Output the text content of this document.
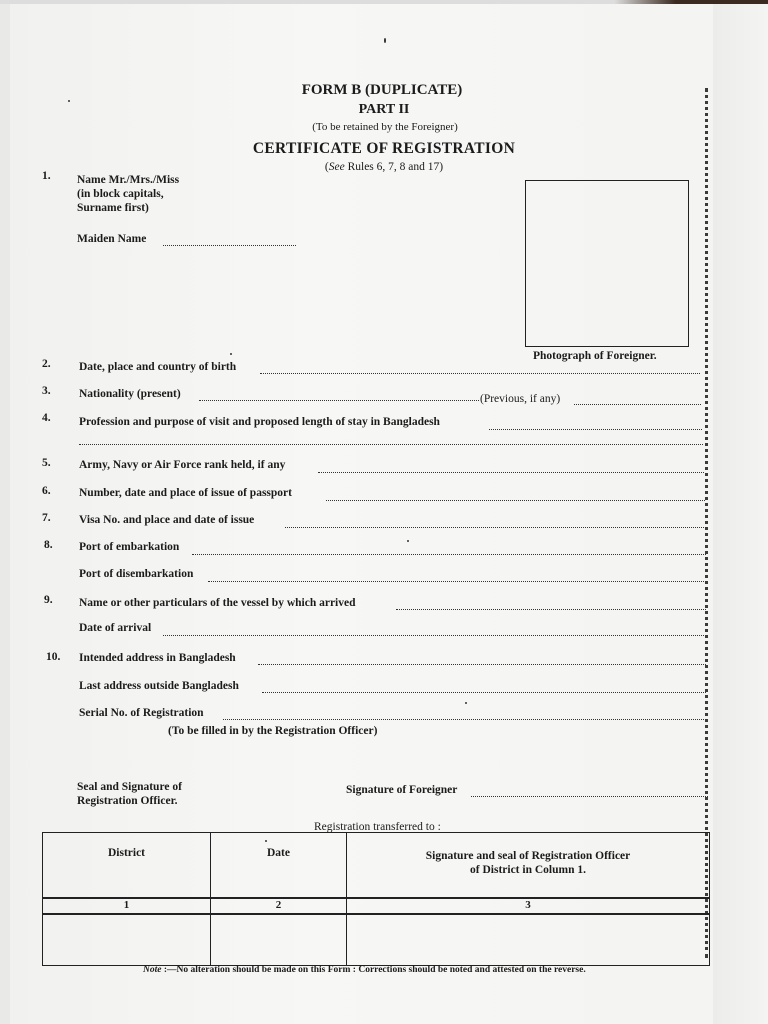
FORM B (DUPLICATE)
PART II
(To be retained by the Foreigner)
CERTIFICATE OF REGISTRATION
(See Rules 6, 7, 8 and 17)
1. Name Mr./Mrs./Miss
(in block capitals,
Surname first)
Maiden Name
Photograph of Foreigner.
2. Date, place and country of birth
3. Nationality (present)	(Previous, if any)
4. Profession and purpose of visit and proposed length of stay in Bangladesh
5. Army, Navy or Air Force rank held, if any
6. Number, date and place of issue of passport
7. Visa No. and place and date of issue
8. Port of embarkation
Port of disembarkation
9. Name or other particulars of the vessel by which arrived
Date of arrival
10. Intended address in Bangladesh
Last address outside Bangladesh
Serial No. of Registration
(To be filled in by the Registration Officer)
Seal and Signature of
Registration Officer.
Signature of Foreigner
Registration transferred to :
District	Date	Signature and seal of Registration Officer
of District in Column 1.

1	2	3

Note :—No alteration should be made on this Form : Corrections should be noted and attested on the reverse.
